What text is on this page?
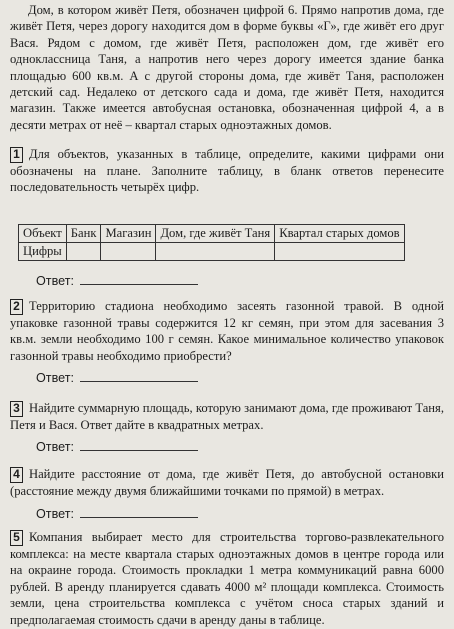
Дом, в котором живёт Петя, обозначен цифрой 6. Прямо напротив дома, где живёт Петя, через дорогу находится дом в форме буквы «Г», где живёт его друг Вася. Рядом с домом, где живёт Петя, расположен дом, где живёт его одноклассница Таня, а напротив него через дорогу имеется здание банка площадью 600 кв.м. А с другой стороны дома, где живёт Таня, расположен детский сад. Недалеко от детского сада и дома, где живёт Петя, находится магазин. Также имеется автобусная остановка, обозначенная цифрой 4, а в десяти метрах от неё – квартал старых одноэтажных домов.

1 Для объектов, указанных в таблице, определите, какими цифрами они обозначены на плане. Заполните таблицу, в бланк ответов перенесите последовательность четырёх цифр.
Объект	Банк	Магазин	Дом, где живёт Таня	Квартал старых домов
Цифры				
Ответ:
2 Территорию стадиона необходимо засеять газонной травой. В одной упаковке газонной травы содержится 12 кг семян, при этом для засевания 3 кв.м. земли необходимо 100 г семян. Какое минимальное количество упаковок газонной травы необходимо приобрести?
Ответ:
3 Найдите суммарную площадь, которую занимают дома, где проживают Таня, Петя и Вася. Ответ дайте в квадратных метрах.
Ответ:
4 Найдите расстояние от дома, где живёт Петя, до автобусной остановки (расстояние между двумя ближайшими точками по прямой) в метрах.
Ответ:
5 Компания выбирает место для строительства торгово-развлекательного комплекса: на месте квартала старых одноэтажных домов в центре города или на окраине города. Стоимость прокладки 1 метра коммуникаций равна 6000 рублей. В аренду планируется сдавать 4000 м² площади комплекса. Стоимость земли, цена строительства комплекса с учётом сноса старых зданий и предполагаемая стоимость сдачи в аренду даны в таблице.
